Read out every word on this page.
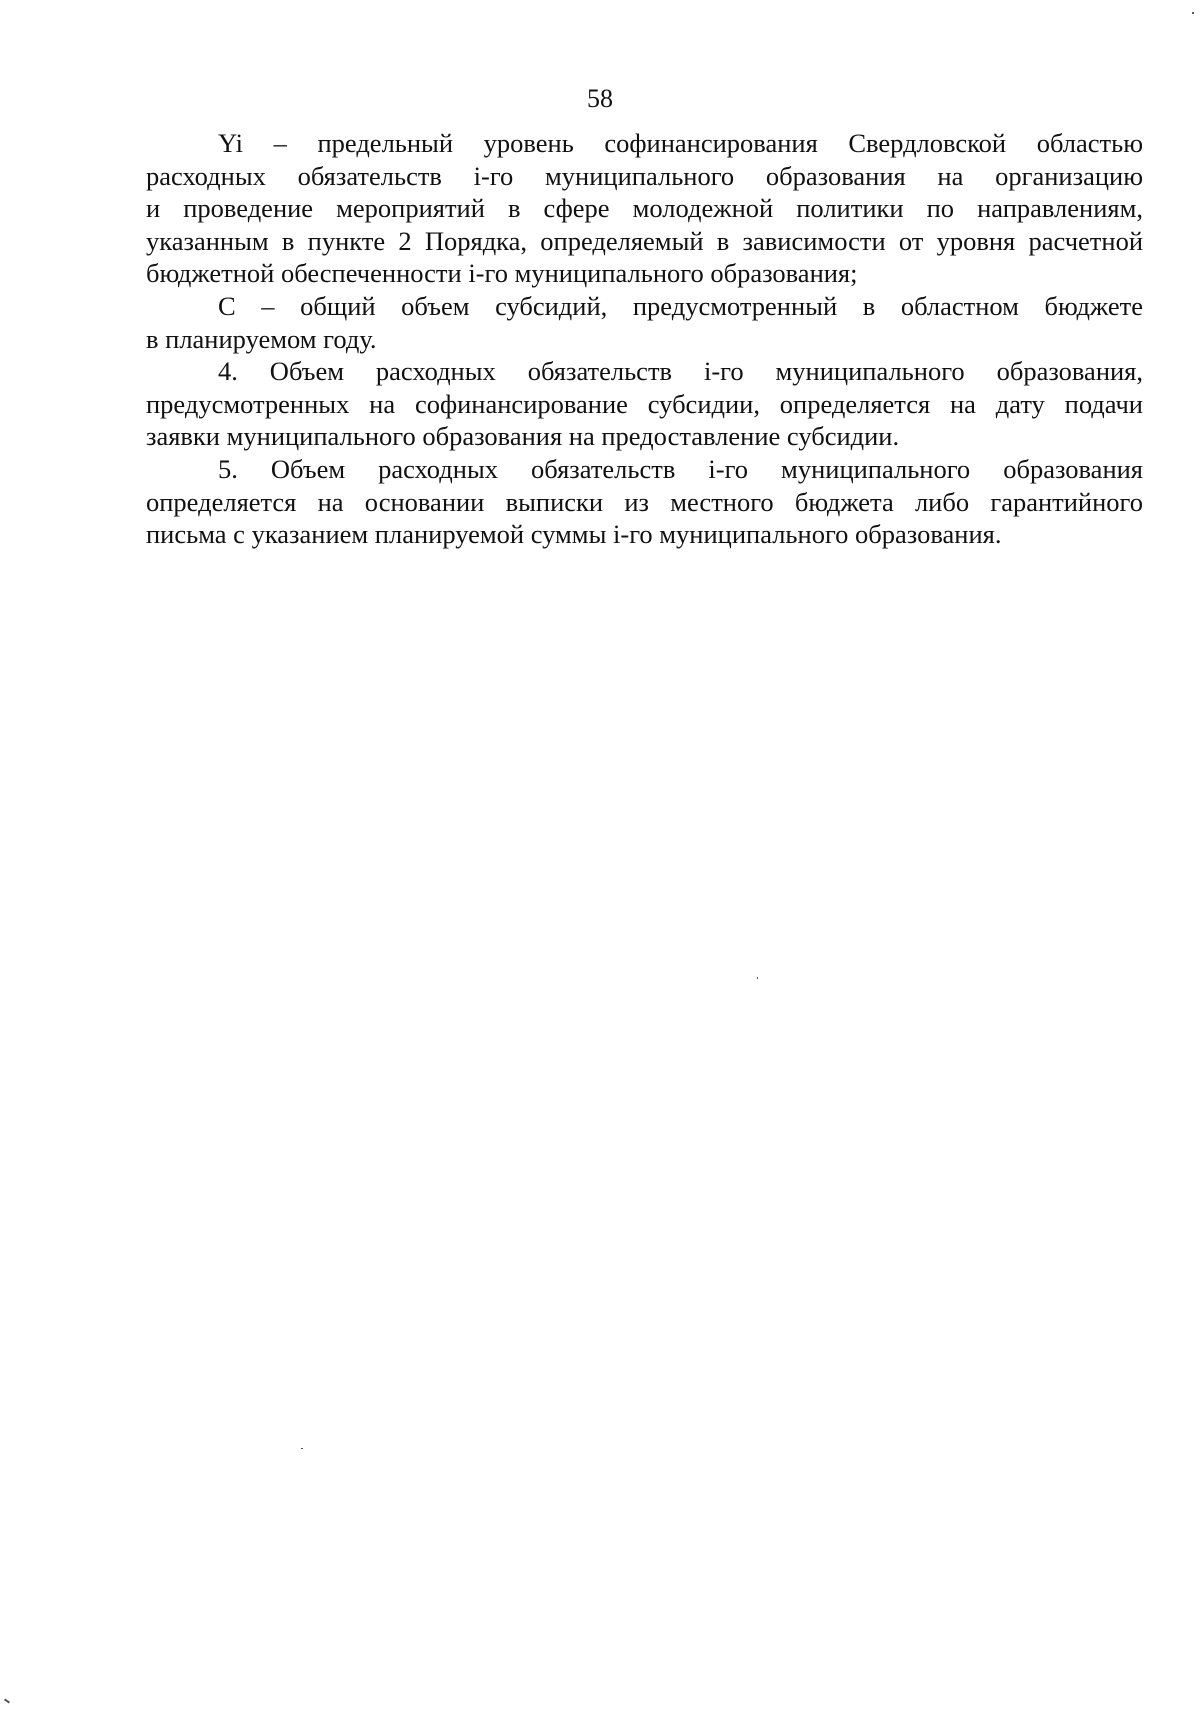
58

Yi – предельный уровень софинансирования Свердловской областью
расходных обязательств i-го муниципального образования на организацию
и проведение мероприятий в сфере молодежной политики по направлениям,
указанным в пункте 2 Порядка, определяемый в зависимости от уровня расчетной
бюджетной обеспеченности i-го муниципального образования;

С – общий объем субсидий, предусмотренный в областном бюджете
в планируемом году.

4. Объем расходных обязательств i-го муниципального образования,
предусмотренных на софинансирование субсидии, определяется на дату подачи
заявки муниципального образования на предоставление субсидии.

5. Объем расходных обязательств i-го муниципального образования
определяется на основании выписки из местного бюджета либо гарантийного
письма с указанием планируемой суммы i-го муниципального образования.
